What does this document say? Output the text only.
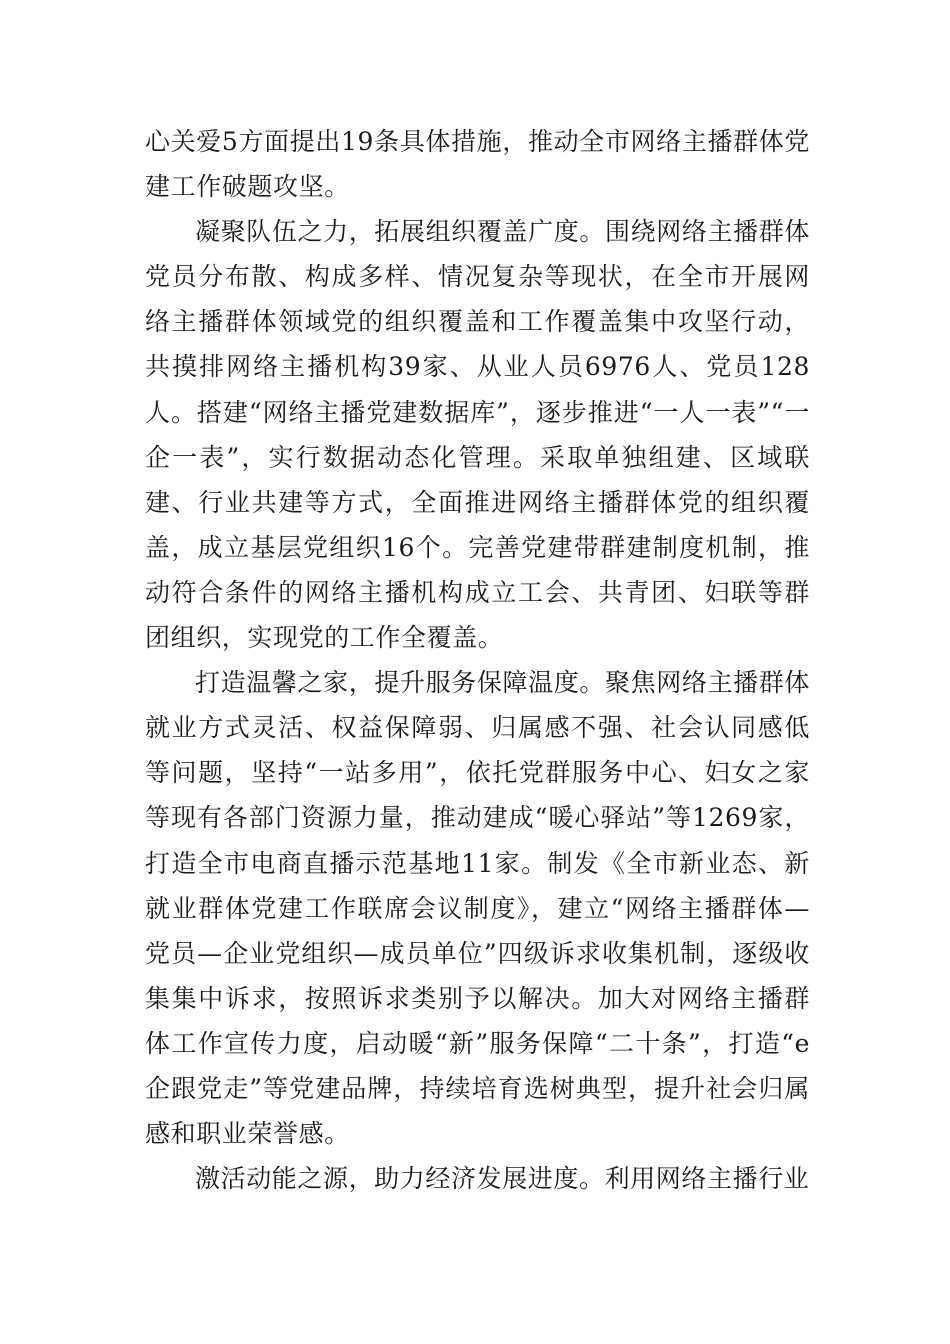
心关爱5方面提出19条具体措施，推动全市网络主播群体党建工作破题攻坚。

凝聚队伍之力，拓展组织覆盖广度。围绕网络主播群体党员分布散、构成多样、情况复杂等现状，在全市开展网络主播群体领域党的组织覆盖和工作覆盖集中攻坚行动，共摸排网络主播机构39家、从业人员6976人、党员128人。搭建“网络主播党建数据库”，逐步推进“一人一表”“一企一表”，实行数据动态化管理。采取单独组建、区域联建、行业共建等方式，全面推进网络主播群体党的组织覆盖，成立基层党组织16个。完善党建带群建制度机制，推动符合条件的网络主播机构成立工会、共青团、妇联等群团组织，实现党的工作全覆盖。

打造温馨之家，提升服务保障温度。聚焦网络主播群体就业方式灵活、权益保障弱、归属感不强、社会认同感低等问题，坚持“一站多用”，依托党群服务中心、妇女之家等现有各部门资源力量，推动建成“暖心驿站”等1269家，打造全市电商直播示范基地11家。制发《全市新业态、新就业群体党建工作联席会议制度》，建立“网络主播群体—党员—企业党组织—成员单位”四级诉求收集机制，逐级收集集中诉求，按照诉求类别予以解决。加大对网络主播群体工作宣传力度，启动暖“新”服务保障“二十条”，打造“e企跟党走”等党建品牌，持续培育选树典型，提升社会归属感和职业荣誉感。

激活动能之源，助力经济发展进度。利用网络主播行业
